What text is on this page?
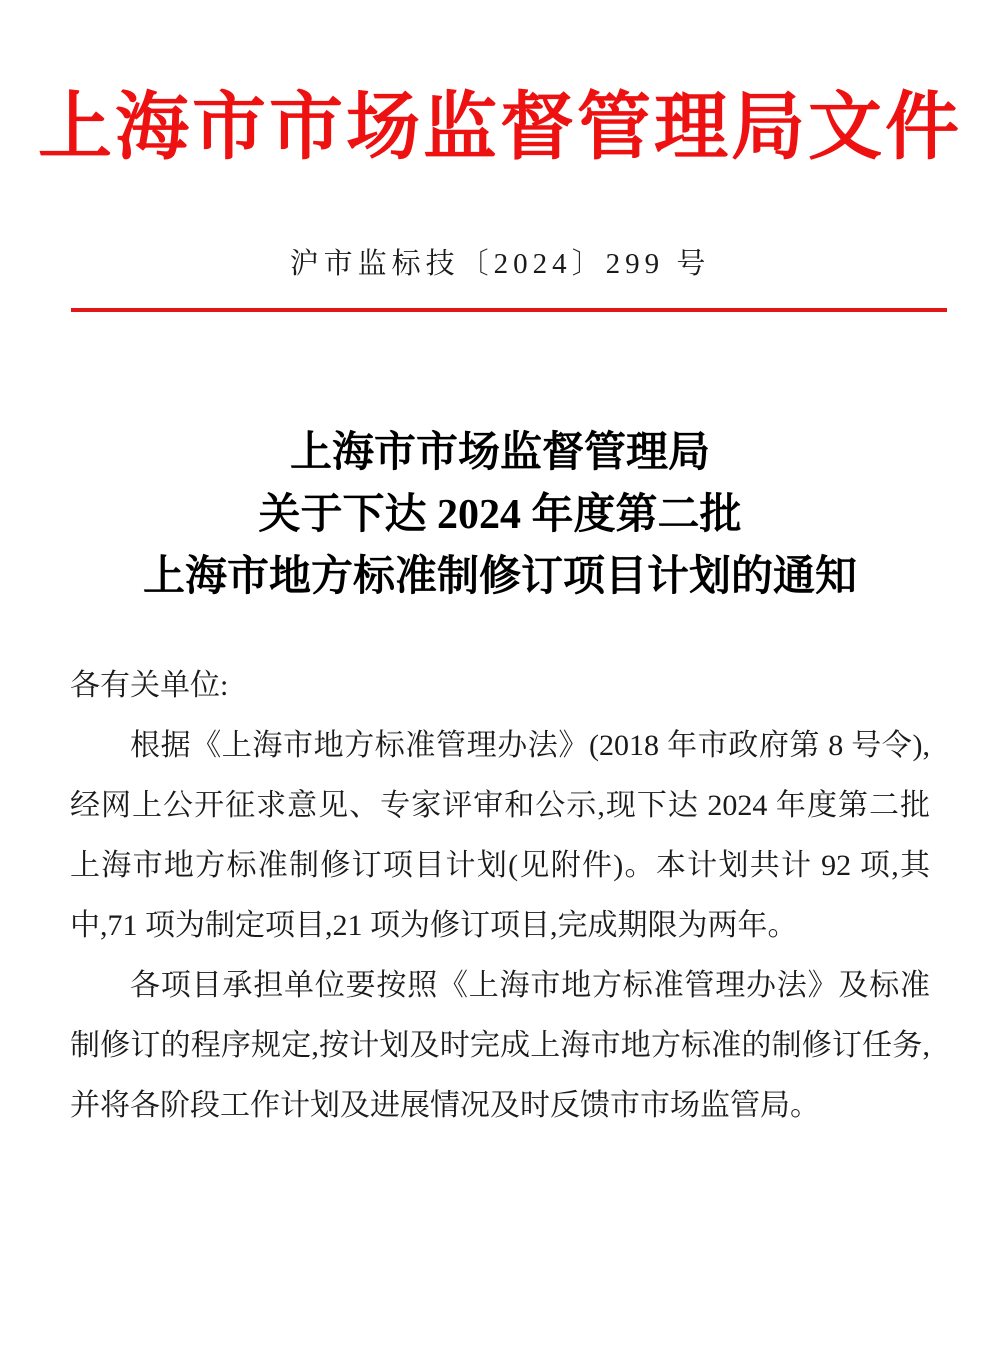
上海市市场监督管理局文件
沪市监标技〔2024〕299 号
上海市市场监督管理局
关于下达 2024 年度第二批
上海市地方标准制修订项目计划的通知

各有关单位:

根据《上海市地方标准管理办法》(2018 年市政府第 8 号令),经网上公开征求意见、专家评审和公示,现下达 2024 年度第二批上海市地方标准制修订项目计划(见附件)。本计划共计 92 项,其中,71 项为制定项目,21 项为修订项目,完成期限为两年。

各项目承担单位要按照《上海市地方标准管理办法》及标准制修订的程序规定,按计划及时完成上海市地方标准的制修订任务,并将各阶段工作计划及进展情况及时反馈市市场监管局。
